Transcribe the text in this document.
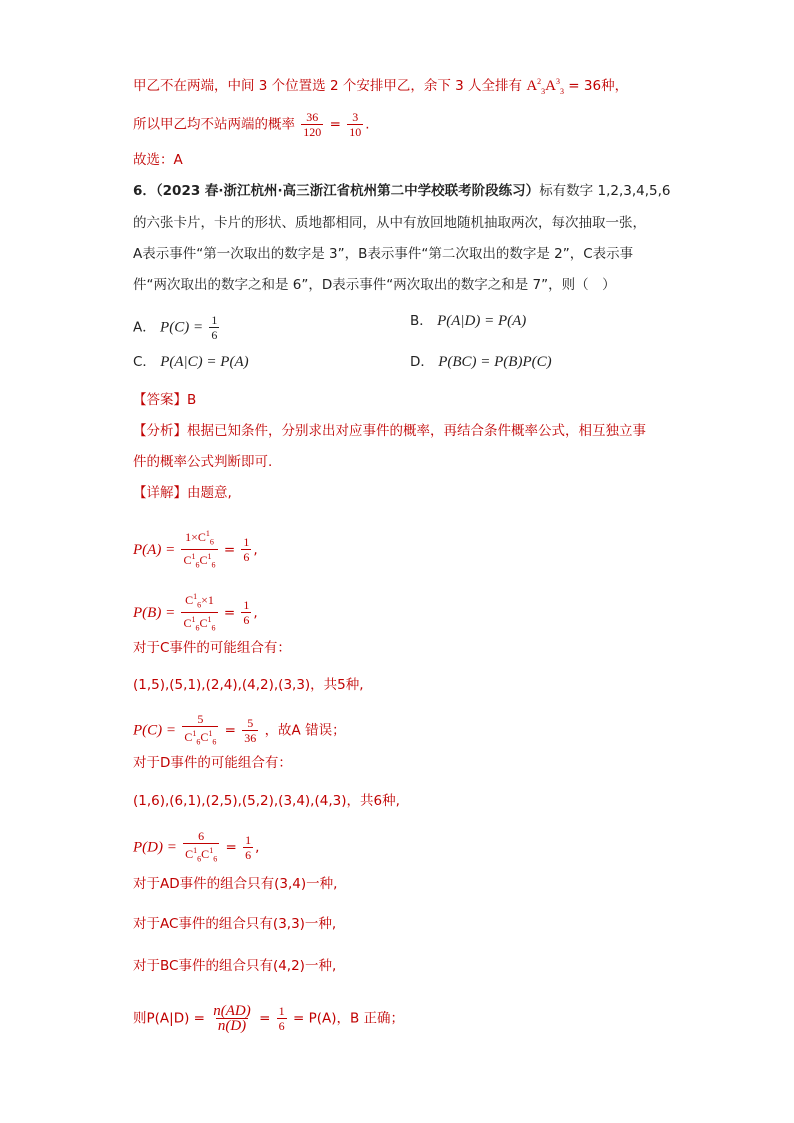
甲乙不在两端，中间 3 个位置选 2 个安排甲乙，余下 3 人全排有 $A^2_3A^3_3 = 36$种，
所以甲乙均不站两端的概率 $\frac{36}{120} = \frac{3}{10}$ .
故选：A
6．（2023 春·浙江杭州·高三浙江省杭州第二中学校联考阶段练习）标有数字 1,2,3,4,5,6
的六张卡片，卡片的形状、质地都相同，从中有放回地随机抽取两次，每次抽取一张，
A表示事件“第一次取出的数字是 3”，B表示事件“第二次取出的数字是 2”，C表示事
件“两次取出的数字之和是 6”，D表示事件“两次取出的数字之和是 7”，则（　）
A． $P(C) = \frac{1}{6}$	B． P(A|D) = P(A)
C． P(A|C) = P(A)	D． P(BC) = P(B)P(C)
【答案】B
【分析】根据已知条件，分别求出对应事件的概率，再结合条件概率公式，相互独立事
件的概率公式判断即可.
【详解】由题意,
$P(A) = \frac{1\times C^1_6}{C^1_6C^1_6} = \frac{1}{6}$ ,
$P(B) = \frac{C^1_6\times 1}{C^1_6C^1_6} = \frac{1}{6}$ ,
对于C事件的可能组合有：
(1,5),(5,1),(2,4),(4,2),(3,3)，共5种,
$P(C) = \frac{5}{C^1_6C^1_6} = \frac{5}{36}$ ，故A 错误；
对于D事件的可能组合有：
(1,6),(6,1),(2,5),(5,2),(3,4),(4,3)，共6种,
$P(D) = \frac{6}{C^1_6C^1_6} = \frac{1}{6}$ ,
对于AD事件的组合只有(3,4)一种,
对于AC事件的组合只有(3,3)一种,
对于BC事件的组合只有(4,2)一种,
则$P(A|D) = \frac{n(AD)}{n(D)} = \frac{1}{6} = P(A)$，B 正确；
